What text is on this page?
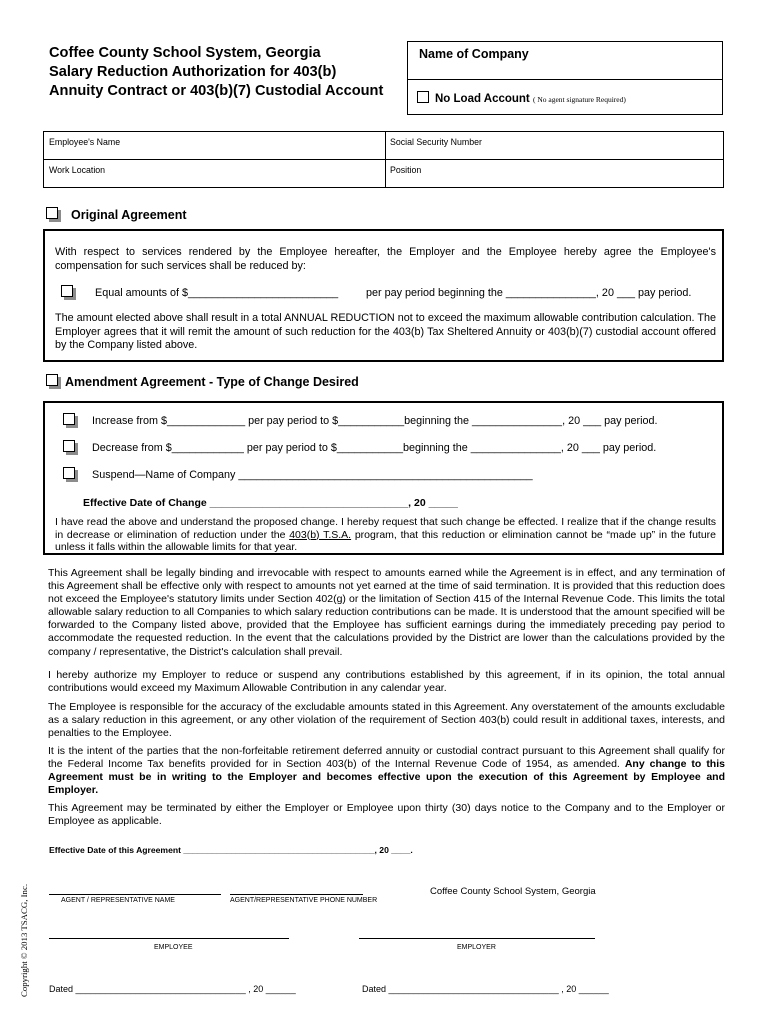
Coffee County School System, Georgia
Salary Reduction Authorization for 403(b)
Annuity Contract or 403(b)(7) Custodial Account
Name of Company
No Load Account ( No agent signature Required)
Employee's Name	Social Security Number
Work Location	Position
Original Agreement
With respect to services rendered by the Employee hereafter, the Employer and the Employee hereby agree the Employee's compensation for such services shall be reduced by:
Equal amounts of $_________________________	per pay period beginning the _______________, 20 ___ pay period.
The amount elected above shall result in a total ANNUAL REDUCTION not to exceed the maximum allowable contribution calculation. The Employer agrees that it will remit the amount of such reduction for the 403(b) Tax Sheltered Annuity or 403(b)(7) custodial account offered by the Company listed above.
Amendment Agreement - Type of Change Desired
Increase from $_____________ per pay period to $___________beginning the _______________, 20 ___ pay period.
Decrease from $____________ per pay period to $___________beginning the _______________, 20 ___ pay period.
Suspend—Name of Company _________________________________________________
Effective Date of Change __________________________________, 20 _____
I have read the above and understand the proposed change. I hereby request that such change be effected. I realize that if the change results in decrease or elimination of reduction under the 403(b) T.S.A. program, that this reduction or elimination cannot be “made up” in the future unless it falls within the allowable limits for that year.
This Agreement shall be legally binding and irrevocable with respect to amounts earned while the Agreement is in effect, and any termination of this Agreement shall be effective only with respect to amounts not yet earned at the time of said termination. It is provided that this reduction does not exceed the Employee's statutory limits under Section 402(g) or the limitation of Section 415 of the Internal Revenue Code. This limits the total allowable salary reduction to all Companies to which salary reduction contributions can be made. It is understood that the amount specified will be forwarded to the Company listed above, provided that the Employee has sufficient earnings during the immediately preceding pay period to accommodate the requested reduction. In the event that the calculations provided by the District are lower than the calculations provided by the company / representative, the District's calculation shall prevail.
I hereby authorize my Employer to reduce or suspend any contributions established by this agreement, if in its opinion, the total annual contributions would exceed my Maximum Allowable Contribution in any calendar year.
The Employee is responsible for the accuracy of the excludable amounts stated in this Agreement. Any overstatement of the amounts excludable as a salary reduction in this agreement, or any other violation of the requirement of Section 403(b) could result in additional taxes, interests, and penalties to the Employee.
It is the intent of the parties that the non-forfeitable retirement deferred annuity or custodial contract pursuant to this Agreement shall qualify for the Federal Income Tax benefits provided for in Section 403(b) of the Internal Revenue Code of 1954, as amended. Any change to this Agreement must be in writing to the Employer and becomes effective upon the execution of this Agreement by Employee and Employer.
This Agreement may be terminated by either the Employer or Employee upon thirty (30) days notice to the Company and to the Employer or Employee as applicable.
Effective Date of this Agreement ________________________________________, 20 ____.
Coffee County School System, Georgia
AGENT / REPRESENTATIVE NAME	AGENT/REPRESENTATIVE PHONE NUMBER
EMPLOYEE	EMPLOYER
Dated __________________________________ , 20 ______	Dated __________________________________ , 20 ______
Copyright © 2013 TSACG, Inc.
